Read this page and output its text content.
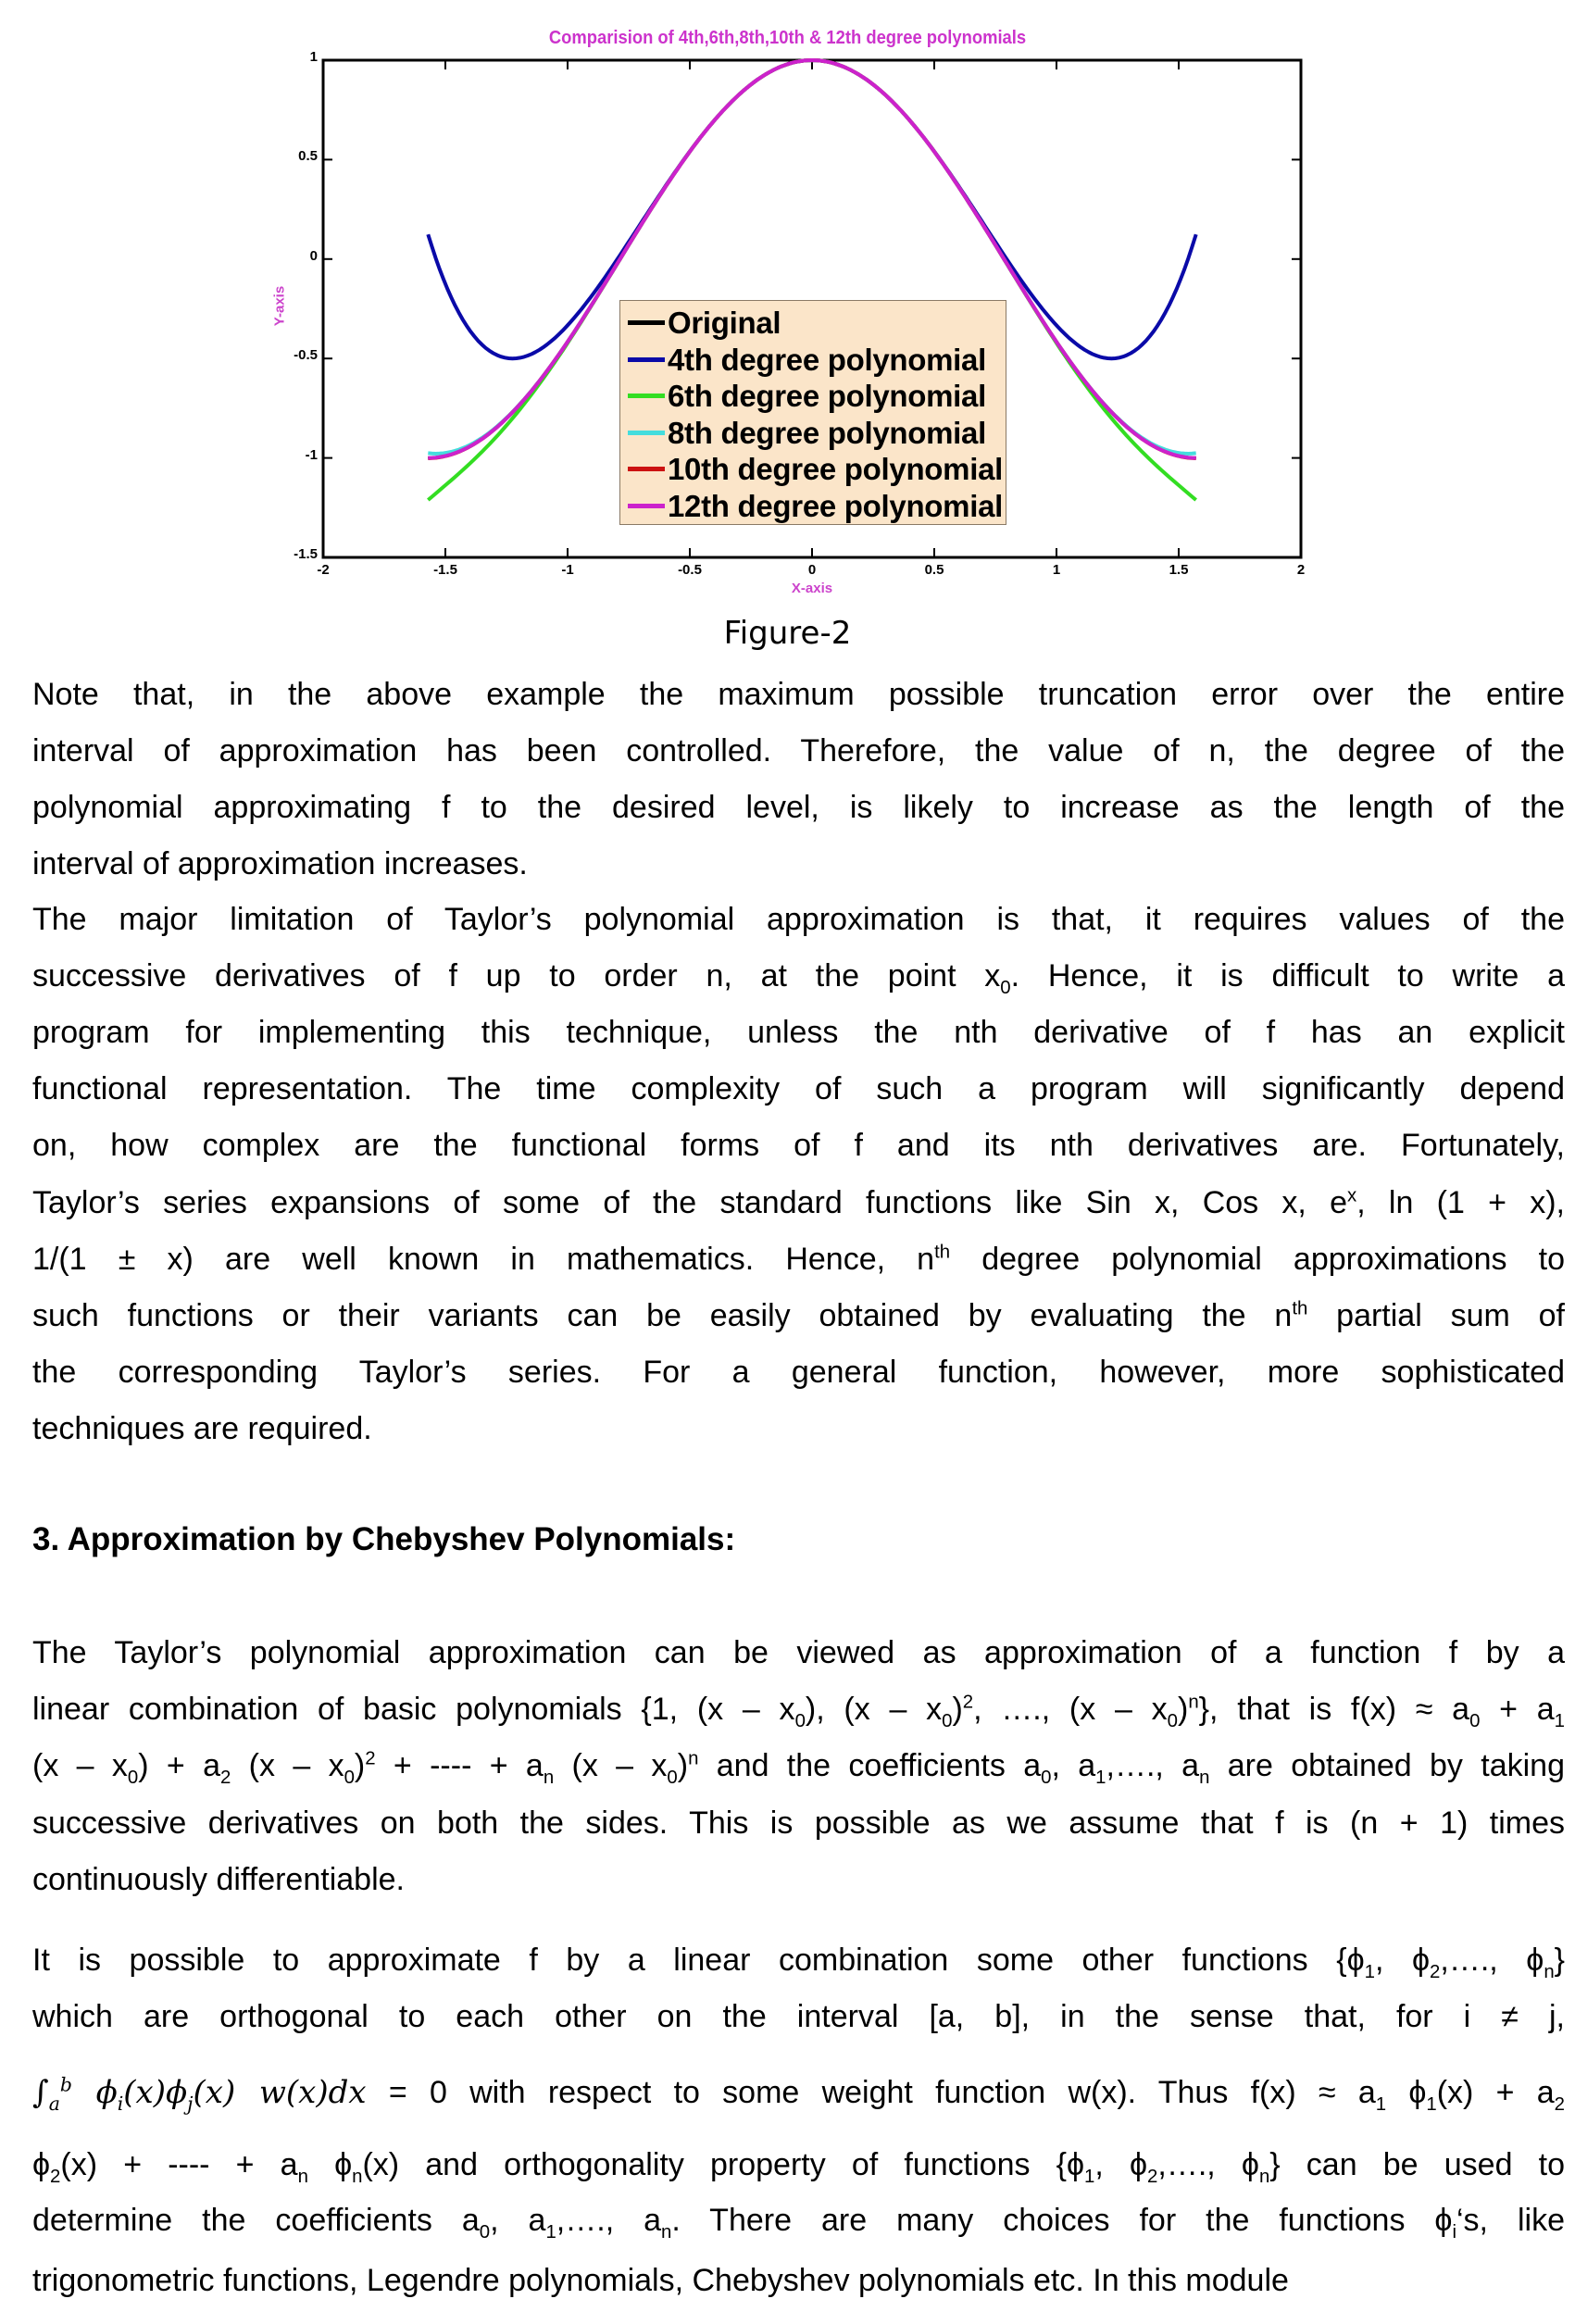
Comparision of 4th,6th,8th,10th & 12th degree polynomials
X-axis
Y-axis
-2	-1.5	-1	-0.5	0	0.5	1	1.5	2
1
0.5
0
-0.5
-1
-1.5
Original
4th degree polynomial
6th degree polynomial
8th degree polynomial
10th degree polynomial
12th degree polynomial
Figure-2
Note that, in the above example the maximum possible truncation error over the entire
interval of approximation has been controlled. Therefore, the value of n, the degree of the
polynomial approximating f to the desired level, is likely to increase as the length of the
interval of approximation increases.
The major limitation of Taylor’s polynomial approximation is that, it requires values of the
successive derivatives of f up to order n, at the point $x_0$. Hence, it is difficult to write a
program for implementing this technique, unless the nth derivative of f has an explicit
functional representation. The time complexity of such a program will significantly depend
on, how complex are the functional forms of f and its nth derivatives are. Fortunately,
Taylor’s series expansions of some of the standard functions like Sin x, Cos x, $e^x$, ln (1 + x),
1/(1 ± x) are well known in mathematics. Hence, $n^{th}$ degree polynomial approximations to
such functions or their variants can be easily obtained by evaluating the $n^{th}$ partial sum of
the corresponding Taylor’s series. For a general function, however, more sophisticated
techniques are required.
The Taylor’s polynomial approximation can be viewed as approximation of a function f by a
linear combination of basic polynomials {1, $(x - x_0)$, $(x - x_0)^2$, …., $(x - x_0)^n$}, that is $f(x) \approx a_0 + a_1$
$(x - x_0) + a_2$ $(x - x_0)^2$ + ---- + $a_n$ $(x - x_0)^n$ and the coefficients $a_0$, $a_1,\dots$., $a_n$ are obtained by taking
successive derivatives on both the sides. This is possible as we assume that f is (n + 1) times
continuously differentiable.
It is possible to approximate f by a linear combination some other functions {$\phi_1$, $\phi_2,\dots$., $\phi_n$}
which are orthogonal to each other on the interval [a, b], in the sense that, for i ≠ j,
$\int_a^b$ $\phi_i(x)\phi_j(x) w(x)dx = 0$ with respect to some weight function w(x). Thus $f(x) \approx a_1$ $\phi_1(x) + a_2$
$\phi_2(x)$ + ---- + $a_n$ $\phi_n(x)$ and orthogonality property of functions {$\phi_1$, $\phi_2,\dots$., $\phi_n$} can be used to
determine the coefficients $a_0$, $a_1,\dots$., $a_n$. There are many choices for the functions $\phi_i‘s$, like
trigonometric functions, Legendre polynomials, Chebyshev polynomials etc. In this module
3. Approximation by Chebyshev Polynomials:
